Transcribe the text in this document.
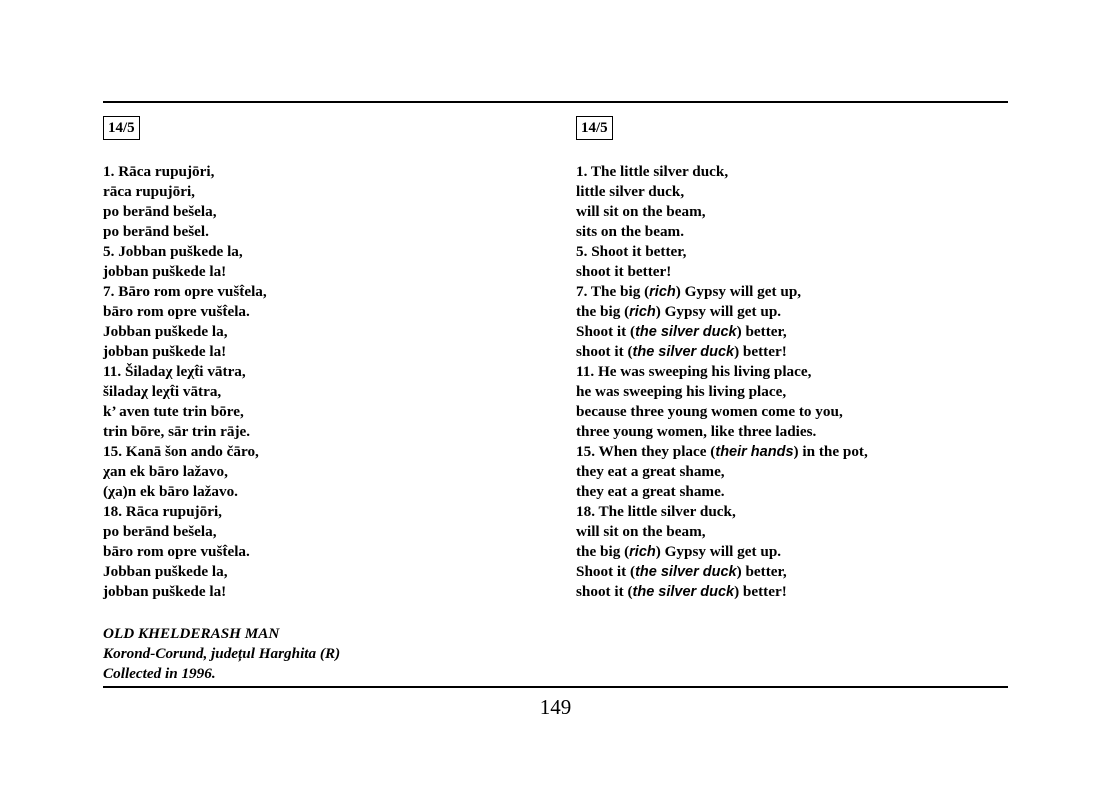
14/5
1. Rāca rupujōri,
rāca rupujōri,
po berānd bešela,
po berānd bešel.
5. Jobban puškede la,
jobban puškede la!
7. Bāro rom opre vušt̂ela,
bāro rom opre vušt̂ela.
Jobban puškede la,
jobban puškede la!
11. Šiladaχ leχt̂i vātra,
šiladaχ leχt̂i vātra,
k’ aven tute trin bōre,
trin bōre, sār trin rāje.
15. Kanā šon ando čāro,
χan ek bāro lažavo,
(χa)n ek bāro lažavo.
18. Rāca rupujōri,
po berānd bešela,
bāro rom opre vušt̂ela.
Jobban puškede la,
jobban puškede la!
OLD KHELDERASH MAN
Korond-Corund, județul Harghita (R)
Collected in 1996.
14/5
1. The little silver duck,
little silver duck,
will sit on the beam,
sits on the beam.
5. Shoot it better,
shoot it better!
7. The big (rich) Gypsy will get up,
the big (rich) Gypsy will get up.
Shoot it (the silver duck) better,
shoot it (the silver duck) better!
11. He was sweeping his living place,
he was sweeping his living place,
because three young women come to you,
three young women, like three ladies.
15. When they place (their hands) in the pot,
they eat a great shame,
they eat a great shame.
18. The little silver duck,
will sit on the beam,
the big (rich) Gypsy will get up.
Shoot it (the silver duck) better,
shoot it (the silver duck) better!
149
